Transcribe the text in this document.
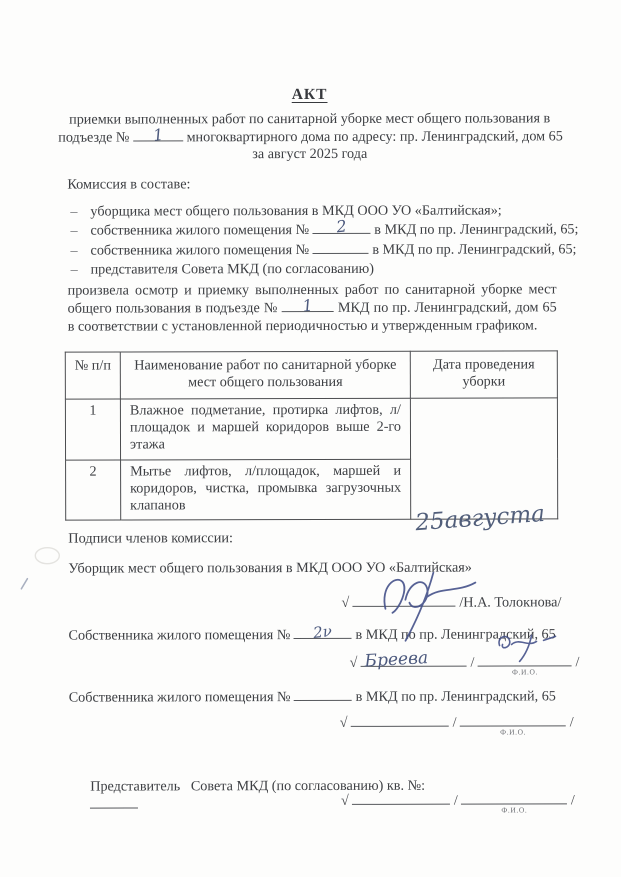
АКТ
приемки выполненных работ по санитарной уборке мест общего пользования в
подъезде №	1	многоквартирного дома по адресу: пр. Ленинградский, дом 65
за август 2025 года
Комиссия в составе:
– уборщика мест общего пользования в МКД ООО УО «Балтийская»;
– собственника жилого помещения №	2	в МКД по пр. Ленинградский, 65;
– собственника жилого помещения №	в МКД по пр. Ленинградский, 65;
– представителя Совета МКД (по согласованию)
произвела осмотр и приемку выполненных работ по санитарной уборке мест общего пользования в подъезде №	1	МКД по пр. Ленинградский, дом 65 в соответствии с установленной периодичностью и утвержденным графиком.
№ п/п	Наименование работ по санитарной уборке мест общего пользования	Дата проведения уборки
1	Влажное подметание, протирка лифтов, л/площадок и маршей коридоров выше 2-го этажа	25августа

2	Мытье лифтов, л/площадок, маршей и коридоров, чистка, промывка загрузочных клапанов	
Подписи членов комиссии:
Уборщик мест общего пользования в МКД ООО УО «Балтийская»
√	/Н.А. Толокнова/
Собственника жилого помещения №	2ν	в МКД по пр. Ленинградский, 65
√ Бреева	/
Ф.И.О.
/
Собственника жилого помещения №	в МКД по пр. Ленинградский, 65
√	/
Ф.И.О.
/

Представитель   Совета МКД (по согласованию) кв. №:

√	/
Ф.И.О.
/
